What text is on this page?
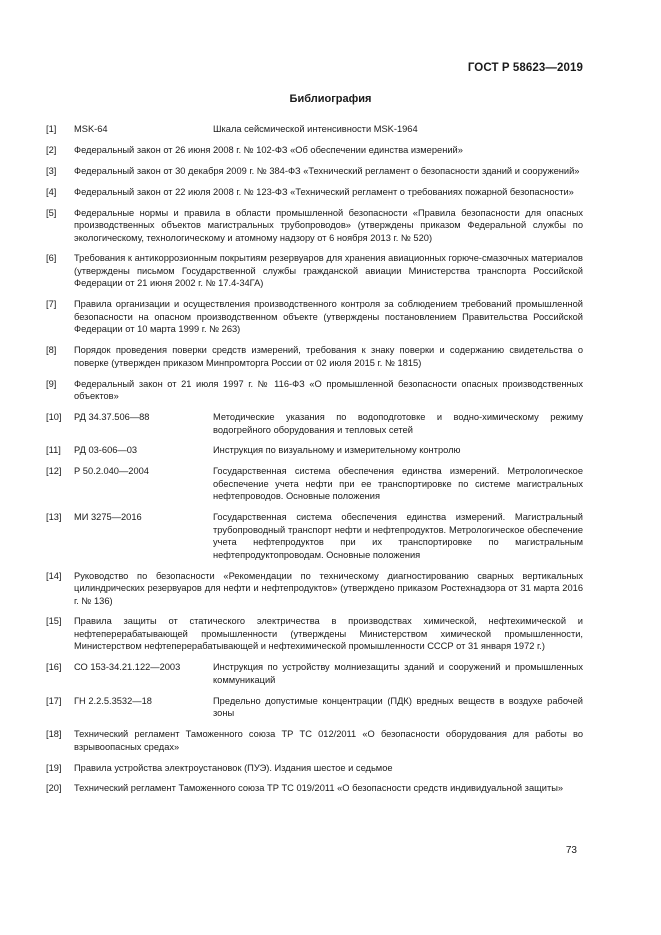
ГОСТ Р 58623—2019
Библиография
[1]	MSK-64	Шкала сейсмической интенсивности MSK-1964
[2]	Федеральный закон от 26 июня 2008 г. № 102-ФЗ «Об обеспечении единства измерений»
[3]	Федеральный закон от 30 декабря 2009 г. № 384-ФЗ «Технический регламент о безопасности зданий и сооружений»
[4]	Федеральный закон от 22 июля 2008 г. № 123-ФЗ «Технический регламент о требованиях пожарной безопасности»
[5]	Федеральные нормы и правила в области промышленной безопасности «Правила безопасности для опасных производственных объектов магистральных трубопроводов» (утверждены приказом Федеральной службы по экологическому, технологическому и атомному надзору от 6 ноября 2013 г. № 520)
[6]	Требования к антикоррозионным покрытиям резервуаров для хранения авиационных горюче-смазочных материалов (утверждены письмом Государственной службы гражданской авиации Министерства транспорта Российской Федерации от 21 июня 2002 г. № 17.4-34ГА)
[7]	Правила организации и осуществления производственного контроля за соблюдением требований промышленной безопасности на опасном производственном объекте (утверждены постановлением Правительства Российской Федерации от 10 марта 1999 г. № 263)
[8]	Порядок проведения поверки средств измерений, требования к знаку поверки и содержанию свидетельства о поверке (утвержден приказом Минпромторга России от 02 июля 2015 г. № 1815)
[9]	Федеральный закон от 21 июля 1997 г. № 116-ФЗ «О промышленной безопасности опасных производственных объектов»
[10]	РД 34.37.506—88	Методические указания по водоподготовке и водно-химическому режиму водогрейного оборудования и тепловых сетей
[11]	РД 03-606—03	Инструкция по визуальному и измерительному контролю
[12]	Р 50.2.040—2004	Государственная система обеспечения единства измерений. Метрологическое обеспечение учета нефти при ее транспортировке по системе магистральных нефтепроводов. Основные положения
[13]	МИ 3275—2016	Государственная система обеспечения единства измерений. Магистральный трубопроводный транспорт нефти и нефтепродуктов. Метрологическое обеспечение учета нефтепродуктов при их транспортировке по магистральным нефтепродуктопроводам. Основные положения
[14]	Руководство по безопасности «Рекомендации по техническому диагностированию сварных вертикальных цилиндрических резервуаров для нефти и нефтепродуктов» (утверждено приказом Ростехнадзора от 31 марта 2016 г. № 136)
[15]	Правила защиты от статического электричества в производствах химической, нефтехимической и нефтеперерабатывающей промышленности (утверждены Министерством химической промышленности, Министерством нефтеперерабатывающей и нефтехимической промышленности СССР от 31 января 1972 г.)
[16]	СО 153-34.21.122—2003	Инструкция по устройству молниезащиты зданий и сооружений и промышленных коммуникаций
[17]	ГН 2.2.5.3532—18	Предельно допустимые концентрации (ПДК) вредных веществ в воздухе рабочей зоны
[18]	Технический регламент Таможенного союза ТР ТС 012/2011 «О безопасности оборудования для работы во взрывоопасных средах»
[19]	Правила устройства электроустановок (ПУЭ). Издания шестое и седьмое
[20]	Технический регламент Таможенного союза ТР ТС 019/2011 «О безопасности средств индивидуальной защиты»
73
